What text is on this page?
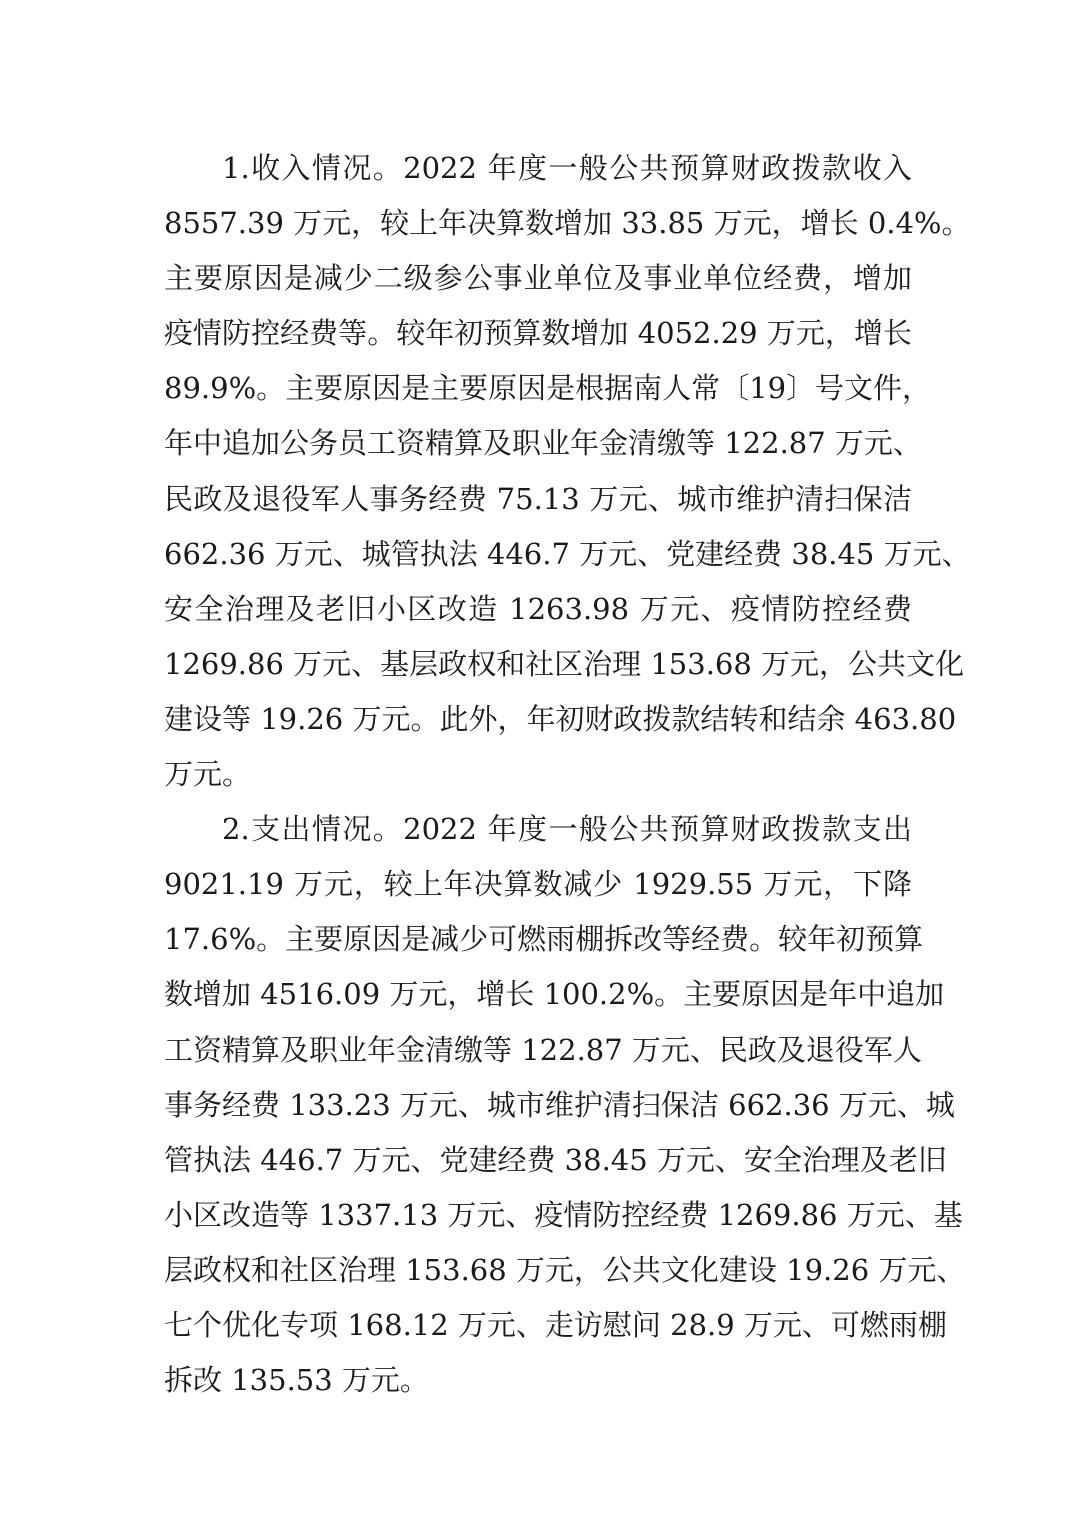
1.收入情况。2022 年度一般公共预算财政拨款收入
8557.39 万元，较上年决算数增加 33.85 万元，增长 0.4%。
主要原因是减少二级参公事业单位及事业单位经费，增加
疫情防控经费等。较年初预算数增加 4052.29 万元，增长
89.9%。主要原因是主要原因是根据南人常〔19〕号文件，
年中追加公务员工资精算及职业年金清缴等 122.87 万元、
民政及退役军人事务经费 75.13 万元、城市维护清扫保洁
662.36 万元、城管执法 446.7 万元、党建经费 38.45 万元、
安全治理及老旧小区改造 1263.98 万元、疫情防控经费
1269.86 万元、基层政权和社区治理 153.68 万元，公共文化
建设等 19.26 万元。此外，年初财政拨款结转和结余 463.80
万元。
2.支出情况。2022 年度一般公共预算财政拨款支出
9021.19 万元，较上年决算数减少 1929.55 万元，下降
17.6%。主要原因是减少可燃雨棚拆改等经费。较年初预算
数增加 4516.09 万元，增长 100.2%。主要原因是年中追加
工资精算及职业年金清缴等 122.87 万元、民政及退役军人
事务经费 133.23 万元、城市维护清扫保洁 662.36 万元、城
管执法 446.7 万元、党建经费 38.45 万元、安全治理及老旧
小区改造等 1337.13 万元、疫情防控经费 1269.86 万元、基
层政权和社区治理 153.68 万元，公共文化建设 19.26 万元、
七个优化专项 168.12 万元、走访慰问 28.9 万元、可燃雨棚
拆改 135.53 万元。
